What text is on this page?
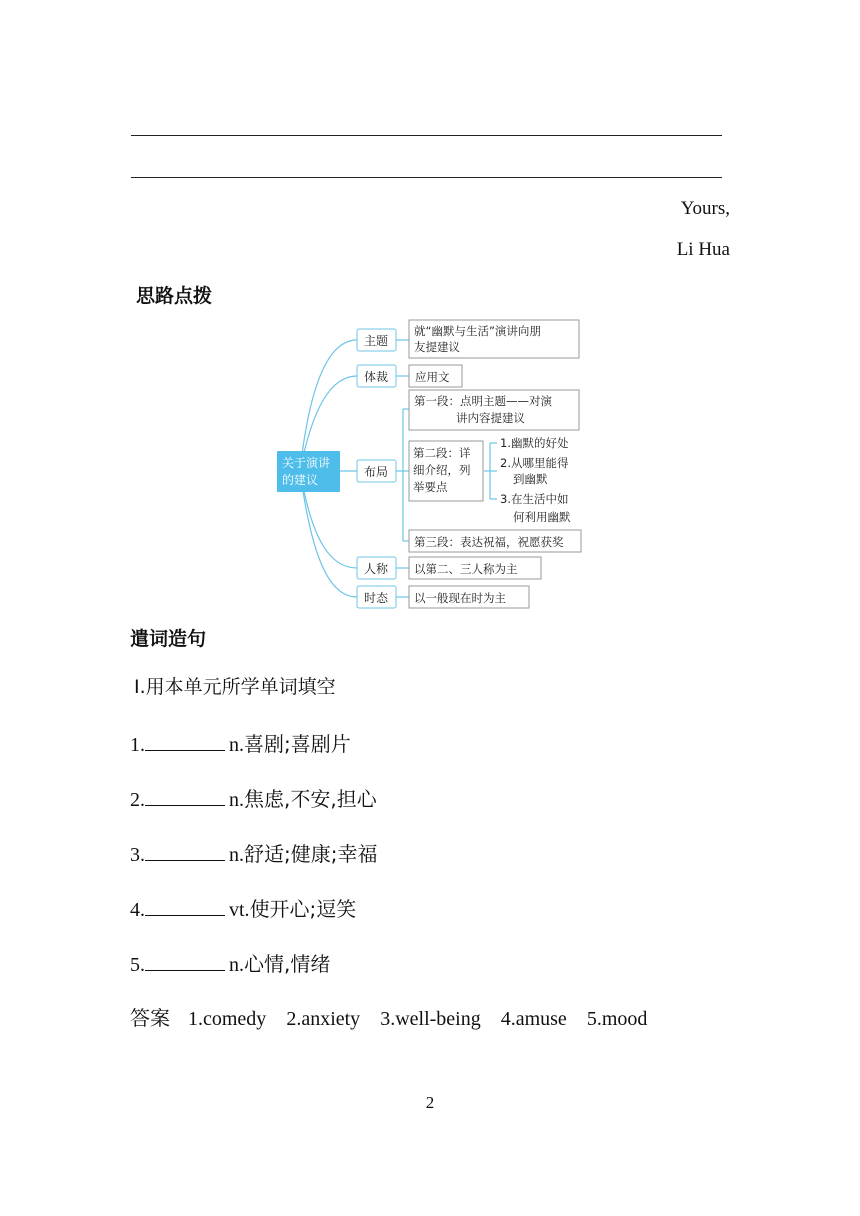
Yours,
Li Hua
思路点拨
关于演讲
的建议
主题
体裁
布局
人称
时态
就“幽默与生活”演讲向朋
友提建议
应用文
第一段：点明主题——对演
讲内容提建议
第二段：详
细介绍，列
举要点
1.幽默的好处
2.从哪里能得
到幽默
3.在生活中如
何利用幽默
第三段：表达祝福，祝愿获奖
以第二、三人称为主
以一般现在时为主
遣词造句
Ⅰ.用本单元所学单词填空
1.	n.喜剧;喜剧片
2.	n.焦虑,不安,担心
3.	n.舒适;健康;幸福
4.	vt.使开心;逗笑
5.	n.心情,情绪
答案 1.comedy 2.anxiety 3.well-being 4.amuse 5.mood
2
